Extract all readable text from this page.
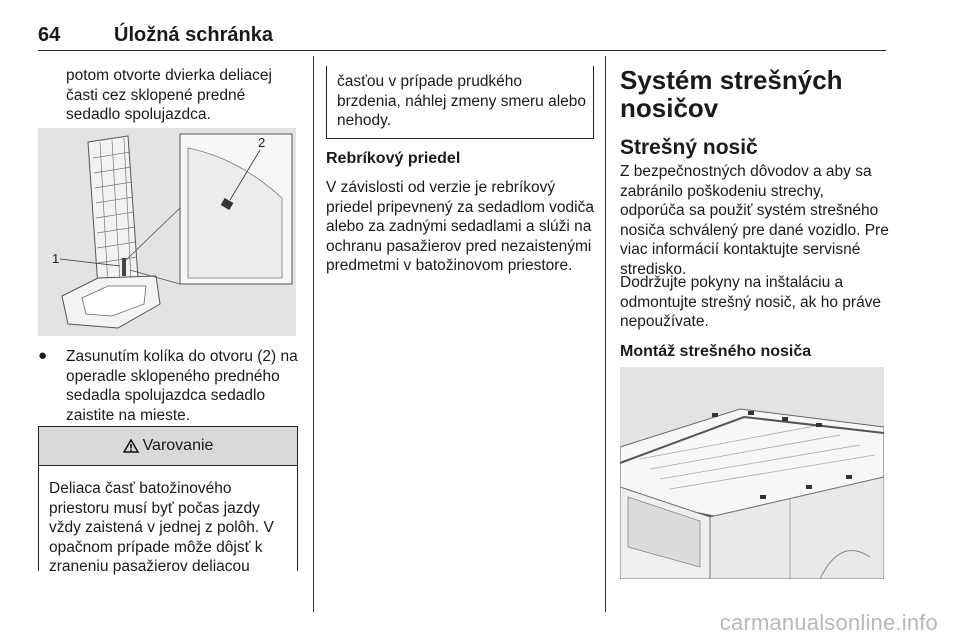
64	Úložná schránka

potom otvorte dvierka deliacej časti cez sklopené predné sedadlo spolujazdca.

1
2
● Zasunutím kolíka do otvoru (2) na operadle sklopeného predného sedadla spolujazdca sedadlo zaistite na mieste.

Varovanie

Deliaca časť batožinového priestoru musí byť počas jazdy vždy zaistená v jednej z polôh. V opačnom prípade môže dôjsť k zraneniu pasažierov deliacou

časťou v prípade prudkého brzdenia, náhlej zmeny smeru alebo nehody.

Rebríkový priedel

V závislosti od verzie je rebríkový priedel pripevnený za sedadlom vodiča alebo za zadnými sedadlami a slúži na ochranu pasažierov pred nezaistenými predmetmi v batožinovom priestore.

Systém strešných nosičov
Strešný nosič

Z bezpečnostných dôvodov a aby sa zabránilo poškodeniu strechy, odporúča sa použiť systém strešného nosiča schválený pre dané vozidlo. Pre viac informácií kontaktujte servisné stredisko.

Dodržujte pokyny na inštaláciu a odmontujte strešný nosič, ak ho práve nepoužívate.

Montáž strešného nosiča
carmanualsonline.info
